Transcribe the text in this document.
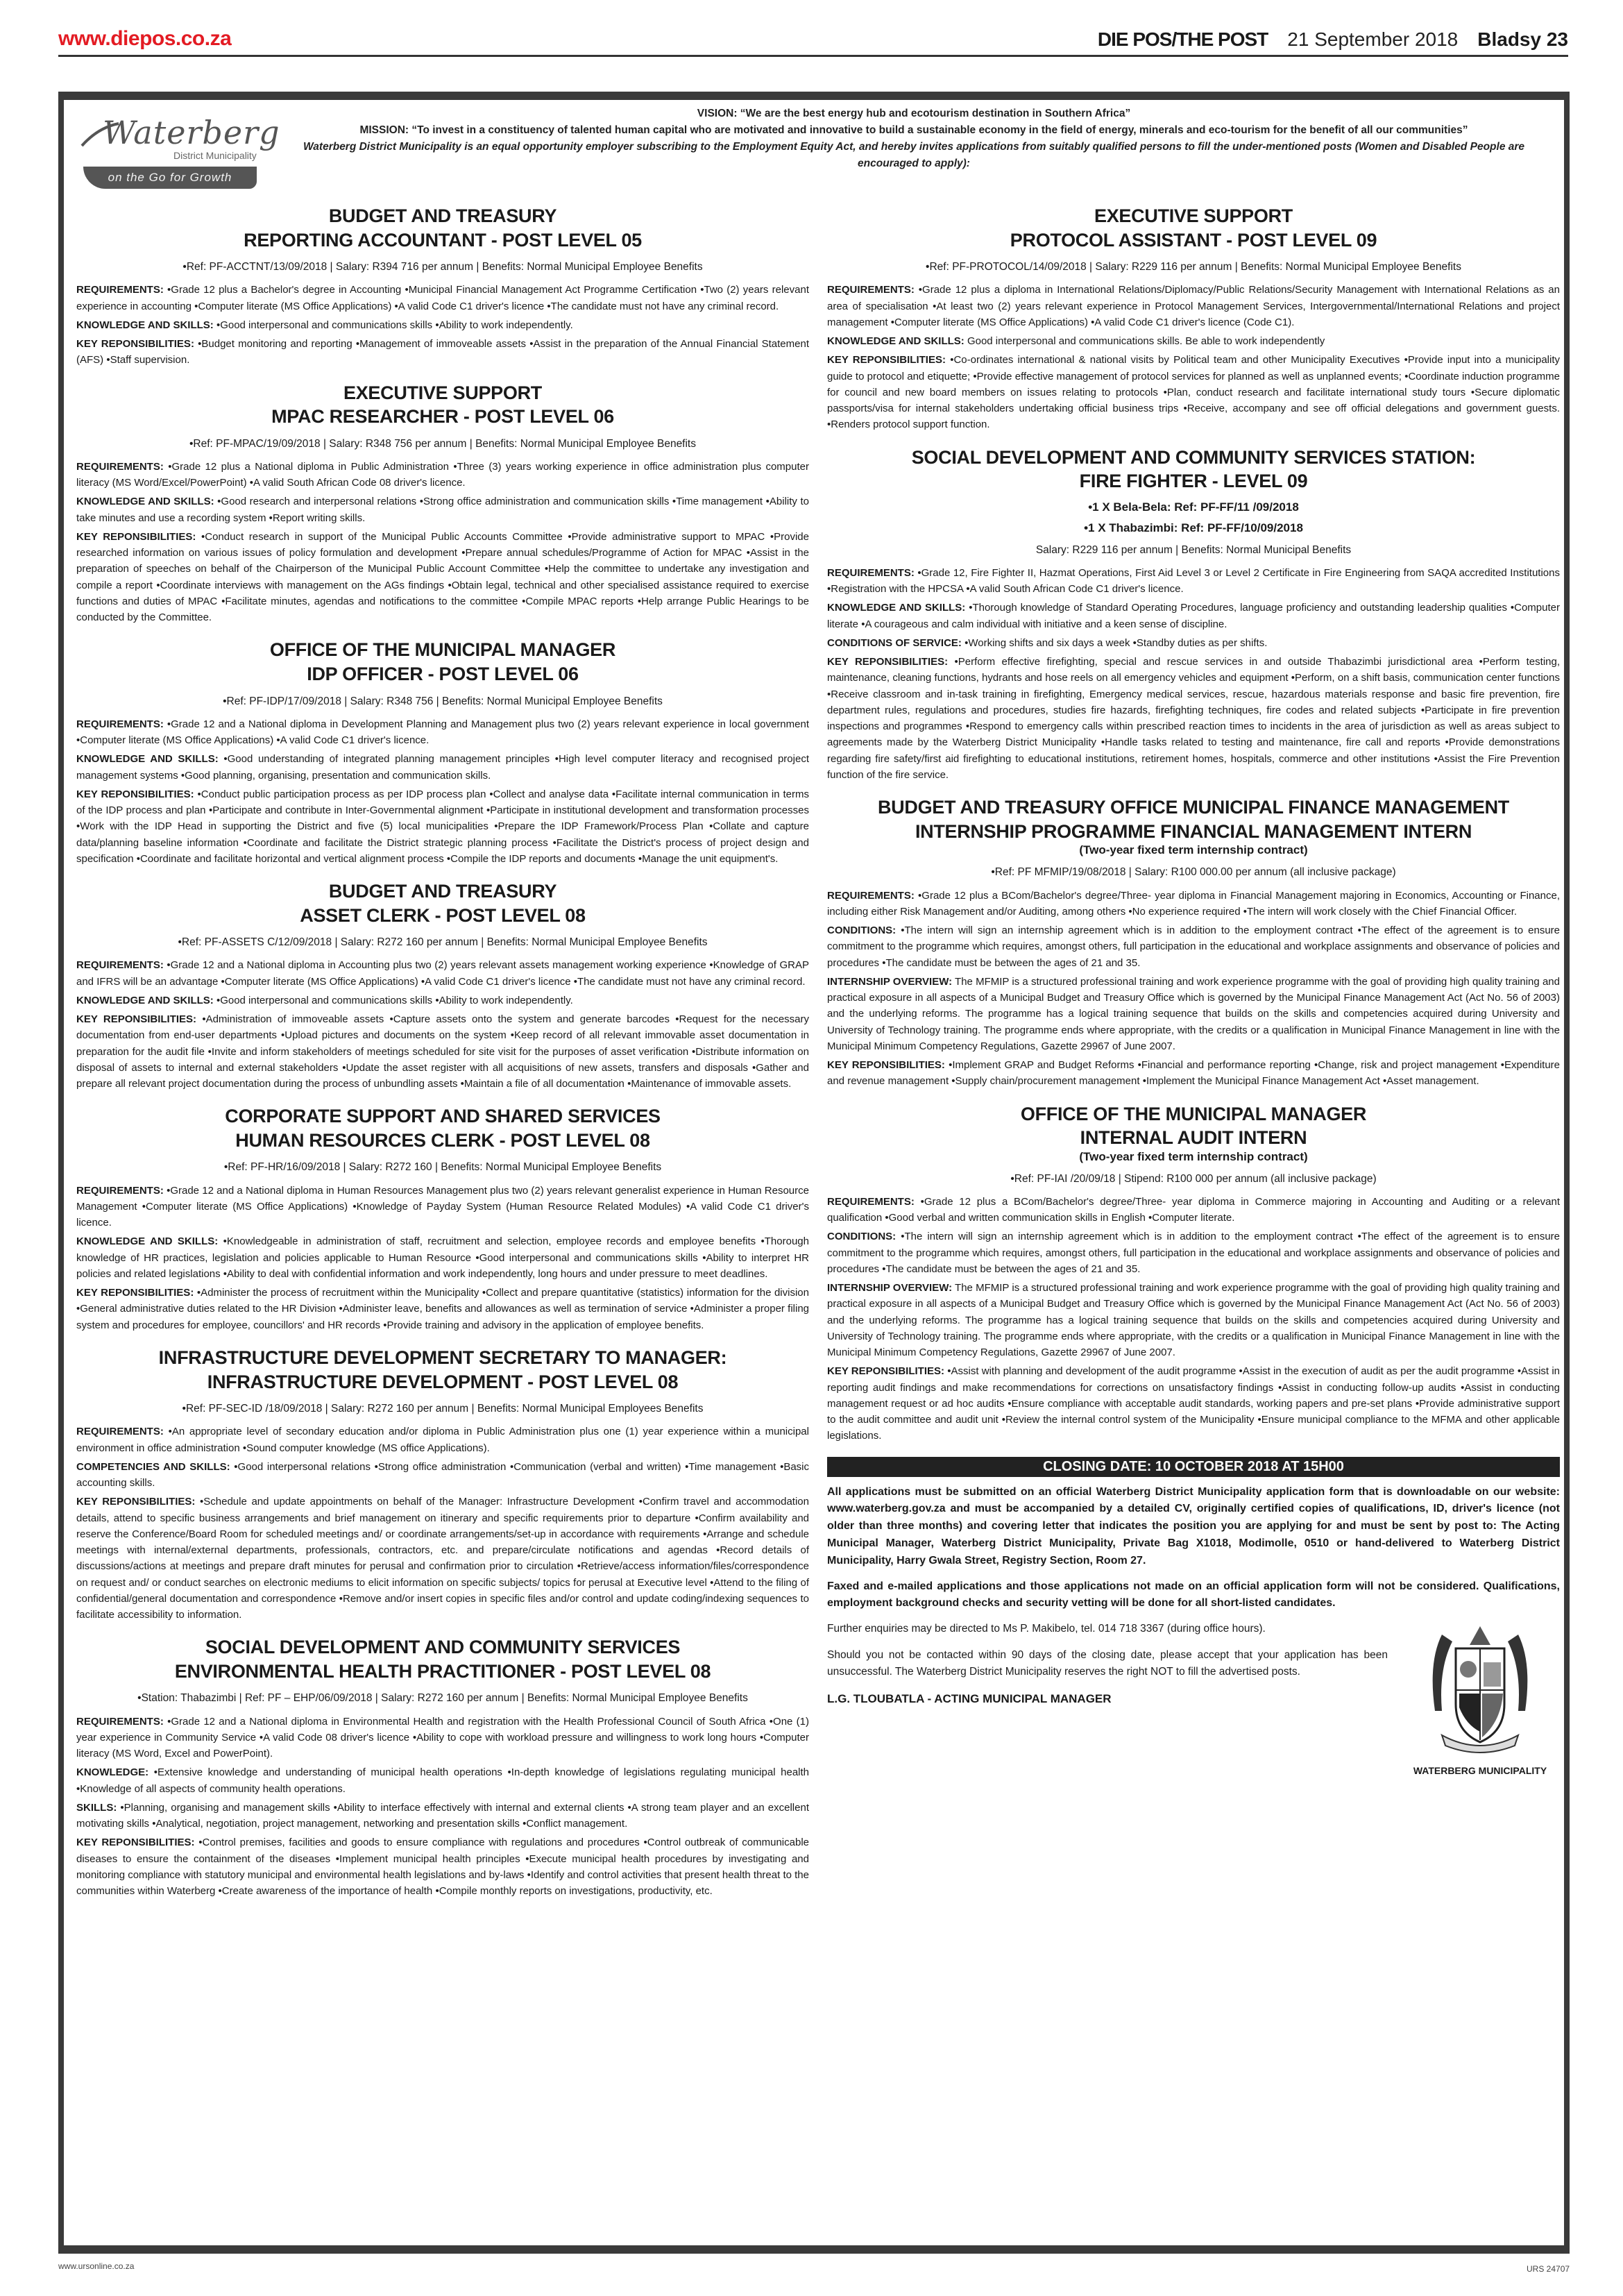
www.diepos.co.za	DIE POS/THE POST 21 September 2018 Bladsy 23
Waterberg
District Municipality
on the Go for Growth
VISION: “We are the best energy hub and ecotourism destination in Southern Africa”
MISSION: “To invest in a constituency of talented human capital who are motivated and innovative to build a sustainable economy in the field of energy, minerals and eco-tourism for the benefit of all our communities”
Waterberg District Municipality is an equal opportunity employer subscribing to the Employment Equity Act, and hereby invites applications from suitably qualified persons to fill the under-mentioned posts (Women and Disabled People are encouraged to apply):
BUDGET AND TREASURY
REPORTING ACCOUNTANT - POST LEVEL 05
•Ref: PF-ACCTNT/13/09/2018 | Salary: R394 716 per annum | Benefits: Normal Municipal Employee Benefits

REQUIREMENTS: •Grade 12 plus a Bachelor's degree in Accounting •Municipal Financial Management Act Programme Certification •Two (2) years relevant experience in accounting •Computer literate (MS Office Applications) •A valid Code C1 driver's licence •The candidate must not have any criminal record.

KNOWLEDGE AND SKILLS: •Good interpersonal and communications skills •Ability to work independently.

KEY REPONSIBILITIES: •Budget monitoring and reporting •Management of immoveable assets •Assist in the preparation of the Annual Financial Statement (AFS) •Staff supervision.

EXECUTIVE SUPPORT
MPAC RESEARCHER - POST LEVEL 06
•Ref: PF-MPAC/19/09/2018 | Salary: R348 756 per annum | Benefits: Normal Municipal Employee Benefits

REQUIREMENTS: •Grade 12 plus a National diploma in Public Administration •Three (3) years working experience in office administration plus computer literacy (MS Word/Excel/PowerPoint) •A valid South African Code 08 driver's licence.

KNOWLEDGE AND SKILLS: •Good research and interpersonal relations •Strong office administration and communication skills •Time management •Ability to take minutes and use a recording system •Report writing skills.

KEY REPONSIBILITIES: •Conduct research in support of the Municipal Public Accounts Committee •Provide administrative support to MPAC •Provide researched information on various issues of policy formulation and development •Prepare annual schedules/Programme of Action for MPAC •Assist in the preparation of speeches on behalf of the Chairperson of the Municipal Public Account Committee •Help the committee to undertake any investigation and compile a report •Coordinate interviews with management on the AGs findings •Obtain legal, technical and other specialised assistance required to exercise functions and duties of MPAC •Facilitate minutes, agendas and notifications to the committee •Compile MPAC reports •Help arrange Public Hearings to be conducted by the Committee.

OFFICE OF THE MUNICIPAL MANAGER
IDP OFFICER - POST LEVEL 06
•Ref: PF-IDP/17/09/2018 | Salary: R348 756 | Benefits: Normal Municipal Employee Benefits

REQUIREMENTS: •Grade 12 and a National diploma in Development Planning and Management plus two (2) years relevant experience in local government •Computer literate (MS Office Applications) •A valid Code C1 driver's licence.

KNOWLEDGE AND SKILLS: •Good understanding of integrated planning management principles •High level computer literacy and recognised project management systems •Good planning, organising, presentation and communication skills.

KEY REPONSIBILITIES: •Conduct public participation process as per IDP process plan •Collect and analyse data •Facilitate internal communication in terms of the IDP process and plan •Participate and contribute in Inter-Governmental alignment •Participate in institutional development and transformation processes •Work with the IDP Head in supporting the District and five (5) local municipalities •Prepare the IDP Framework/Process Plan •Collate and capture data/planning baseline information •Coordinate and facilitate the District strategic planning process •Facilitate the District's process of project design and specification •Coordinate and facilitate horizontal and vertical alignment process •Compile the IDP reports and documents •Manage the unit equipment's.

BUDGET AND TREASURY
ASSET CLERK - POST LEVEL 08
•Ref: PF-ASSETS C/12/09/2018 | Salary: R272 160 per annum | Benefits: Normal Municipal Employee Benefits

REQUIREMENTS: •Grade 12 and a National diploma in Accounting plus two (2) years relevant assets management working experience •Knowledge of GRAP and IFRS will be an advantage •Computer literate (MS Office Applications) •A valid Code C1 driver's licence •The candidate must not have any criminal record.

KNOWLEDGE AND SKILLS: •Good interpersonal and communications skills •Ability to work independently.

KEY REPONSIBILITIES: •Administration of immoveable assets •Capture assets onto the system and generate barcodes •Request for the necessary documentation from end-user departments •Upload pictures and documents on the system •Keep record of all relevant immovable asset documentation in preparation for the audit file •Invite and inform stakeholders of meetings scheduled for site visit for the purposes of asset verification •Distribute information on disposal of assets to internal and external stakeholders •Update the asset register with all acquisitions of new assets, transfers and disposals •Gather and prepare all relevant project documentation during the process of unbundling assets •Maintain a file of all documentation •Maintenance of immovable assets.

CORPORATE SUPPORT AND SHARED SERVICES
HUMAN RESOURCES CLERK - POST LEVEL 08
•Ref: PF-HR/16/09/2018 | Salary: R272 160 | Benefits: Normal Municipal Employee Benefits

REQUIREMENTS: •Grade 12 and a National diploma in Human Resources Management plus two (2) years relevant generalist experience in Human Resource Management •Computer literate (MS Office Applications) •Knowledge of Payday System (Human Resource Related Modules) •A valid Code C1 driver's licence.

KNOWLEDGE AND SKILLS: •Knowledgeable in administration of staff, recruitment and selection, employee records and employee benefits •Thorough knowledge of HR practices, legislation and policies applicable to Human Resource •Good interpersonal and communications skills •Ability to interpret HR policies and related legislations •Ability to deal with confidential information and work independently, long hours and under pressure to meet deadlines.

KEY REPONSIBILITIES: •Administer the process of recruitment within the Municipality •Collect and prepare quantitative (statistics) information for the division •General administrative duties related to the HR Division •Administer leave, benefits and allowances as well as termination of service •Administer a proper filing system and procedures for employee, councillors' and HR records •Provide training and advisory in the application of employee benefits.

INFRASTRUCTURE DEVELOPMENT SECRETARY TO MANAGER:
INFRASTRUCTURE DEVELOPMENT - POST LEVEL 08
•Ref: PF-SEC-ID /18/09/2018 | Salary: R272 160 per annum | Benefits: Normal Municipal Employees Benefits

REQUIREMENTS: •An appropriate level of secondary education and/or diploma in Public Administration plus one (1) year experience within a municipal environment in office administration •Sound computer knowledge (MS office Applications).

COMPETENCIES AND SKILLS: •Good interpersonal relations •Strong office administration •Communication (verbal and written) •Time management •Basic accounting skills.

KEY REPONSIBILITIES: •Schedule and update appointments on behalf of the Manager: Infrastructure Development •Confirm travel and accommodation details, attend to specific business arrangements and brief management on itinerary and specific requirements prior to departure •Confirm availability and reserve the Conference/Board Room for scheduled meetings and/ or coordinate arrangements/set-up in accordance with requirements •Arrange and schedule meetings with internal/external departments, professionals, contractors, etc. and prepare/circulate notifications and agendas •Record details of discussions/actions at meetings and prepare draft minutes for perusal and confirmation prior to circulation •Retrieve/access information/files/correspondence on request and/ or conduct searches on electronic mediums to elicit information on specific subjects/ topics for perusal at Executive level •Attend to the filing of confidential/general documentation and correspondence •Remove and/or insert copies in specific files and/or control and update coding/indexing sequences to facilitate accessibility to information.

SOCIAL DEVELOPMENT AND COMMUNITY SERVICES
ENVIRONMENTAL HEALTH PRACTITIONER - POST LEVEL 08
•Station: Thabazimbi | Ref: PF – EHP/06/09/2018 | Salary: R272 160 per annum | Benefits: Normal Municipal Employee Benefits

REQUIREMENTS: •Grade 12 and a National diploma in Environmental Health and registration with the Health Professional Council of South Africa •One (1) year experience in Community Service •A valid Code 08 driver's licence •Ability to cope with workload pressure and willingness to work long hours •Computer literacy (MS Word, Excel and PowerPoint).

KNOWLEDGE: •Extensive knowledge and understanding of municipal health operations •In-depth knowledge of legislations regulating municipal health •Knowledge of all aspects of community health operations.

SKILLS: •Planning, organising and management skills •Ability to interface effectively with internal and external clients •A strong team player and an excellent motivating skills •Analytical, negotiation, project management, networking and presentation skills •Conflict management.

KEY REPONSIBILITIES: •Control premises, facilities and goods to ensure compliance with regulations and procedures •Control outbreak of communicable diseases to ensure the containment of the diseases •Implement municipal health principles •Execute municipal health procedures by investigating and monitoring compliance with statutory municipal and environmental health legislations and by-laws •Identify and control activities that present health threat to the communities within Waterberg •Create awareness of the importance of health •Compile monthly reports on investigations, productivity, etc.

EXECUTIVE SUPPORT
PROTOCOL ASSISTANT - POST LEVEL 09
•Ref: PF-PROTOCOL/14/09/2018 | Salary: R229 116 per annum | Benefits: Normal Municipal Employee Benefits

REQUIREMENTS: •Grade 12 plus a diploma in International Relations/Diplomacy/Public Relations/Security Management with International Relations as an area of specialisation •At least two (2) years relevant experience in Protocol Management Services, Intergovernmental/International Relations and project management •Computer literate (MS Office Applications) •A valid Code C1 driver's licence (Code C1).

KNOWLEDGE AND SKILLS: Good interpersonal and communications skills. Be able to work independently

KEY REPONSIBILITIES: •Co-ordinates international & national visits by Political team and other Municipality Executives •Provide input into a municipality guide to protocol and etiquette; •Provide effective management of protocol services for planned as well as unplanned events; •Coordinate induction programme for council and new board members on issues relating to protocols •Plan, conduct research and facilitate international study tours •Secure diplomatic passports/visa for internal stakeholders undertaking official business trips •Receive, accompany and see off official delegations and government guests. •Renders protocol support function.

SOCIAL DEVELOPMENT AND COMMUNITY SERVICES STATION:
FIRE FIGHTER - LEVEL 09
•1 X Bela-Bela: Ref: PF-FF/11 /09/2018
•1 X Thabazimbi: Ref: PF-FF/10/09/2018
Salary: R229 116 per annum | Benefits: Normal Municipal Benefits

REQUIREMENTS: •Grade 12, Fire Fighter II, Hazmat Operations, First Aid Level 3 or Level 2 Certificate in Fire Engineering from SAQA accredited Institutions •Registration with the HPCSA •A valid South African Code C1 driver's licence.

KNOWLEDGE AND SKILLS: •Thorough knowledge of Standard Operating Procedures, language proficiency and outstanding leadership qualities •Computer literate •A courageous and calm individual with initiative and a keen sense of discipline.

CONDITIONS OF SERVICE: •Working shifts and six days a week •Standby duties as per shifts.

KEY REPONSIBILITIES: •Perform effective firefighting, special and rescue services in and outside Thabazimbi jurisdictional area •Perform testing, maintenance, cleaning functions, hydrants and hose reels on all emergency vehicles and equipment •Perform, on a shift basis, communication center functions •Receive classroom and in-task training in firefighting, Emergency medical services, rescue, hazardous materials response and basic fire prevention, fire department rules, regulations and procedures, studies fire hazards, firefighting techniques, fire codes and related subjects •Participate in fire prevention inspections and programmes •Respond to emergency calls within prescribed reaction times to incidents in the area of jurisdiction as well as areas subject to agreements made by the Waterberg District Municipality •Handle tasks related to testing and maintenance, fire call and reports •Provide demonstrations regarding fire safety/first aid firefighting to educational institutions, retirement homes, hospitals, commerce and other institutions •Assist the Fire Prevention function of the fire service.

BUDGET AND TREASURY OFFICE MUNICIPAL FINANCE MANAGEMENT INTERNSHIP PROGRAMME FINANCIAL MANAGEMENT INTERN
(Two-year fixed term internship contract)
•Ref: PF MFMIP/19/08/2018 | Salary: R100 000.00 per annum (all inclusive package)

REQUIREMENTS: •Grade 12 plus a BCom/Bachelor's degree/Three- year diploma in Financial Management majoring in Economics, Accounting or Finance, including either Risk Management and/or Auditing, among others •No experience required •The intern will work closely with the Chief Financial Officer.

CONDITIONS: •The intern will sign an internship agreement which is in addition to the employment contract •The effect of the agreement is to ensure commitment to the programme which requires, amongst others, full participation in the educational and workplace assignments and observance of policies and procedures •The candidate must be between the ages of 21 and 35.

INTERNSHIP OVERVIEW: The MFMIP is a structured professional training and work experience programme with the goal of providing high quality training and practical exposure in all aspects of a Municipal Budget and Treasury Office which is governed by the Municipal Finance Management Act (Act No. 56 of 2003) and the underlying reforms. The programme has a logical training sequence that builds on the skills and competencies acquired during University and University of Technology training. The programme ends where appropriate, with the credits or a qualification in Municipal Finance Management in line with the Municipal Minimum Competency Regulations, Gazette 29967 of June 2007.

KEY REPONSIBILITIES: •Implement GRAP and Budget Reforms •Financial and performance reporting •Change, risk and project management •Expenditure and revenue management •Supply chain/procurement management •Implement the Municipal Finance Management Act •Asset management.

OFFICE OF THE MUNICIPAL MANAGER
INTERNAL AUDIT INTERN
(Two-year fixed term internship contract)
•Ref: PF-IAI /20/09/18 | Stipend: R100 000 per annum (all inclusive package)

REQUIREMENTS: •Grade 12 plus a BCom/Bachelor's degree/Three- year diploma in Commerce majoring in Accounting and Auditing or a relevant qualification •Good verbal and written communication skills in English •Computer literate.

CONDITIONS: •The intern will sign an internship agreement which is in addition to the employment contract •The effect of the agreement is to ensure commitment to the programme which requires, amongst others, full participation in the educational and workplace assignments and observance of policies and procedures •The candidate must be between the ages of 21 and 35.

INTERNSHIP OVERVIEW: The MFMIP is a structured professional training and work experience programme with the goal of providing high quality training and practical exposure in all aspects of a Municipal Budget and Treasury Office which is governed by the Municipal Finance Management Act (Act No. 56 of 2003) and the underlying reforms. The programme has a logical training sequence that builds on the skills and competencies acquired during University and University of Technology training. The programme ends where appropriate, with the credits or a qualification in Municipal Finance Management in line with the Municipal Minimum Competency Regulations, Gazette 29967 of June 2007.

KEY REPONSIBILITIES: •Assist with planning and development of the audit programme •Assist in the execution of audit as per the audit programme •Assist in reporting audit findings and make recommendations for corrections on unsatisfactory findings •Assist in conducting follow-up audits •Assist in conducting management request or ad hoc audits •Ensure compliance with acceptable audit standards, working papers and pre-set plans •Provide administrative support to the audit committee and audit unit •Review the internal control system of the Municipality •Ensure municipal compliance to the MFMA and other applicable legislations.

CLOSING DATE: 10 OCTOBER 2018 AT 15H00

All applications must be submitted on an official Waterberg District Municipality application form that is downloadable on our website: www.waterberg.gov.za and must be accompanied by a detailed CV, originally certified copies of qualifications, ID, driver's licence (not older than three months) and covering letter that indicates the position you are applying for and must be sent by post to: The Acting Municipal Manager, Waterberg District Municipality, Private Bag X1018, Modimolle, 0510 or hand-delivered to Waterberg District Municipality, Harry Gwala Street, Registry Section, Room 27.

Faxed and e-mailed applications and those applications not made on an official application form will not be considered. Qualifications, employment background checks and security vetting will be done for all short-listed candidates.

Further enquiries may be directed to Ms P. Makibelo, tel. 014 718 3367 (during office hours).

Should you not be contacted within 90 days of the closing date, please accept that your application has been unsuccessful. The Waterberg District Municipality reserves the right NOT to fill the advertised posts.

L.G. TLOUBATLA - ACTING MUNICIPAL MANAGER

WATERBERG MUNICIPALITY
www.ursonline.co.za	URS 24707
